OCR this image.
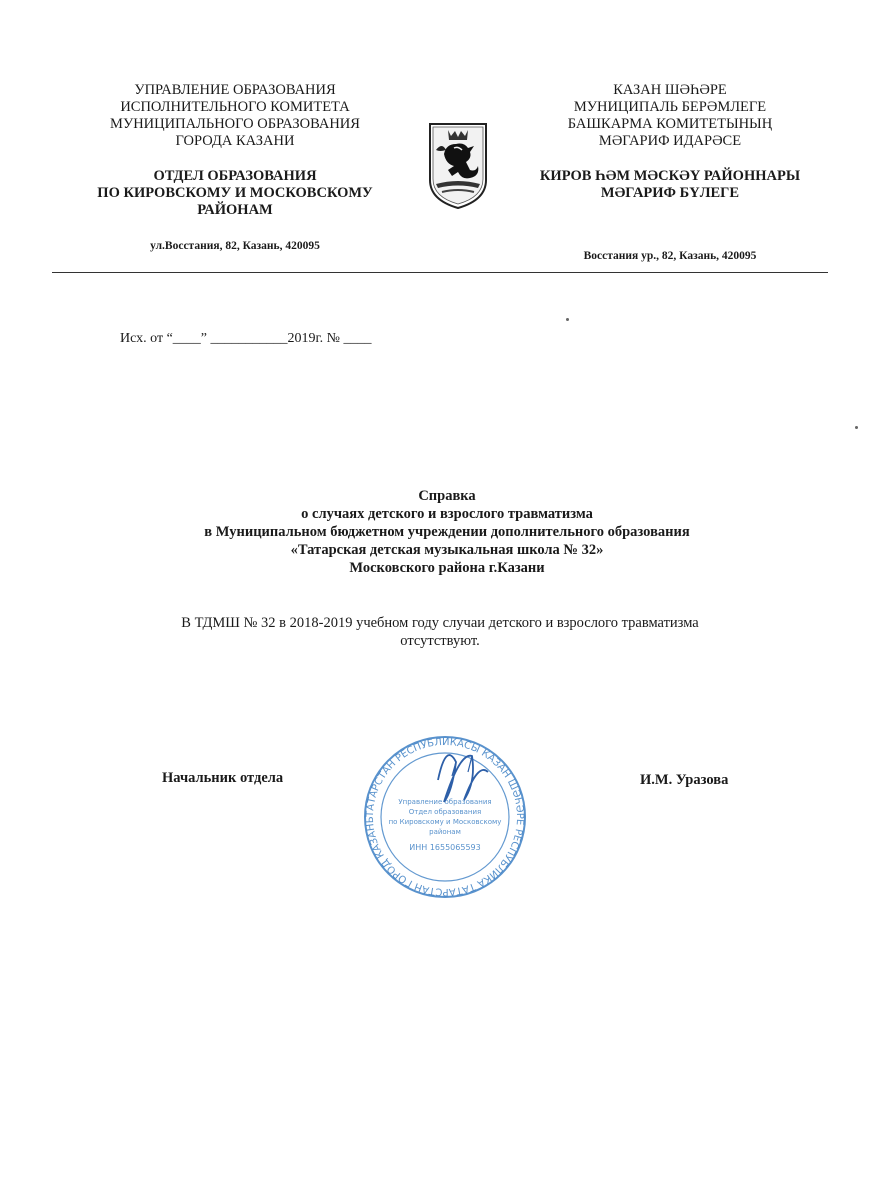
УПРАВЛЕНИЕ ОБРАЗОВАНИЯ
ИСПОЛНИТЕЛЬНОГО КОМИТЕТА
МУНИЦИПАЛЬНОГО ОБРАЗОВАНИЯ
ГОРОДА КАЗАНИ
ОТДЕЛ ОБРАЗОВАНИЯ
ПО КИРОВСКОМУ И МОСКОВСКОМУ
РАЙОНАМ
ул.Восстания, 82, Казань, 420095
КАЗАН ШӘҺӘРЕ
МУНИЦИПАЛЬ БЕРӘМЛЕГЕ
БАШКАРМА КОМИТЕТЫНЫҢ
МӘГАРИФ ИДАРӘСЕ
КИРОВ ҺӘМ МӘСКӘҮ РАЙОННАРЫ
МӘГАРИФ БҮЛЕГЕ
Восстания ур., 82, Казань, 420095
Исх. от “____” ___________2019г. № ____
Справка
о случаях детского и взрослого травматизма
в Муниципальном бюджетном учреждении дополнительного образования
«Татарская детская музыкальная школа № 32»
Московского района г.Казани
В ТДМШ № 32 в 2018-2019 учебном году случаи детского и взрослого травматизма отсутствуют.
ТАТАРСТАН РЕСПУБЛИКАСЫ КАЗАН ШӘҺӘРЕ РЕСПУБЛИКА ТАТАРСТАН ГОРОД КАЗАНЬ
Управление образования
Отдел образования
по Кировскому и Московскому
районам
ИНН 1655065593
Начальник отдела	И.М. Уразова
